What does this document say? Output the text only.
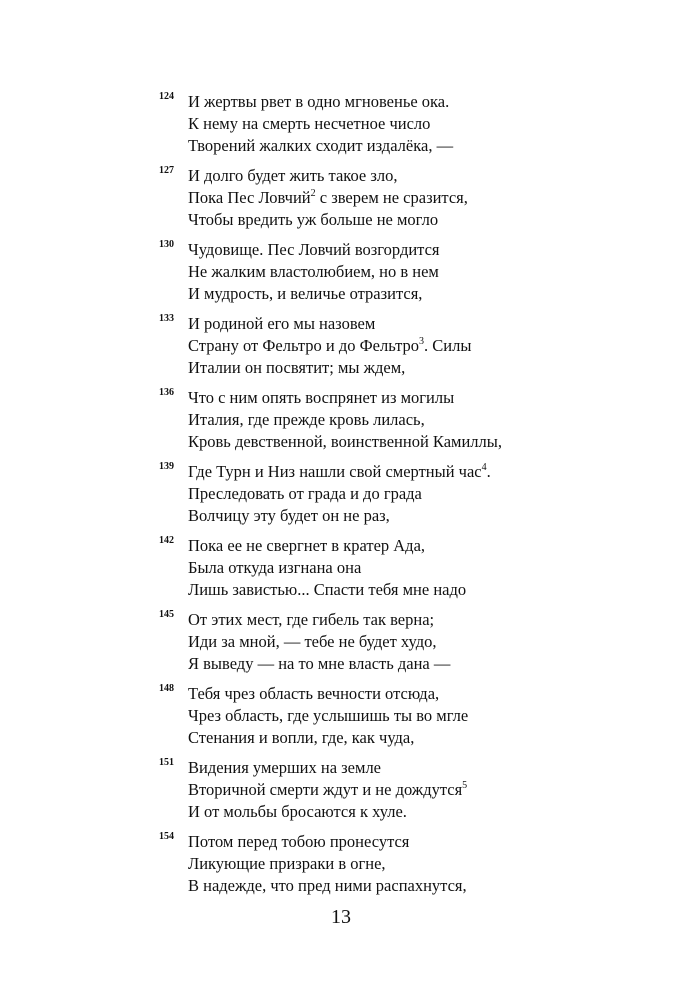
124 И жертвы рвет в одно мгновенье ока.
К нему на смерть несчетное число
Творений жалких сходит издалёка, —
127 И долго будет жить такое зло,
Пока Пес Ловчий$^2$ с зверем не сразится,
Чтобы вредить уж больше не могло
130 Чудовище. Пес Ловчий возгордится
Не жалким властолюбием, но в нем
И мудрость, и величье отразится,
133 И родиной его мы назовем
Страну от Фельтро и до Фельтро$^3$. Силы
Италии он посвятит; мы ждем,
136 Что с ним опять воспрянет из могилы
Италия, где прежде кровь лилась,
Кровь девственной, воинственной Камиллы,
139 Где Турн и Низ нашли свой смертный час$^4$.
Преследовать от града и до града
Волчицу эту будет он не раз,
142 Пока ее не свергнет в кратер Ада,
Была откуда изгнана она
Лишь завистью... Спасти тебя мне надо
145 От этих мест, где гибель так верна;
Иди за мной, — тебе не будет худо,
Я выведу — на то мне власть дана —
148 Тебя чрез область вечности отсюда,
Чрез область, где услышишь ты во мгле
Стенания и вопли, где, как чуда,
151 Видения умерших на земле
Вторичной смерти ждут и не дождутся$^5$
И от мольбы бросаются к хуле.
154 Потом перед тобою пронесутся
Ликующие призраки в огне,
В надежде, что пред ними распахнутся,
13
